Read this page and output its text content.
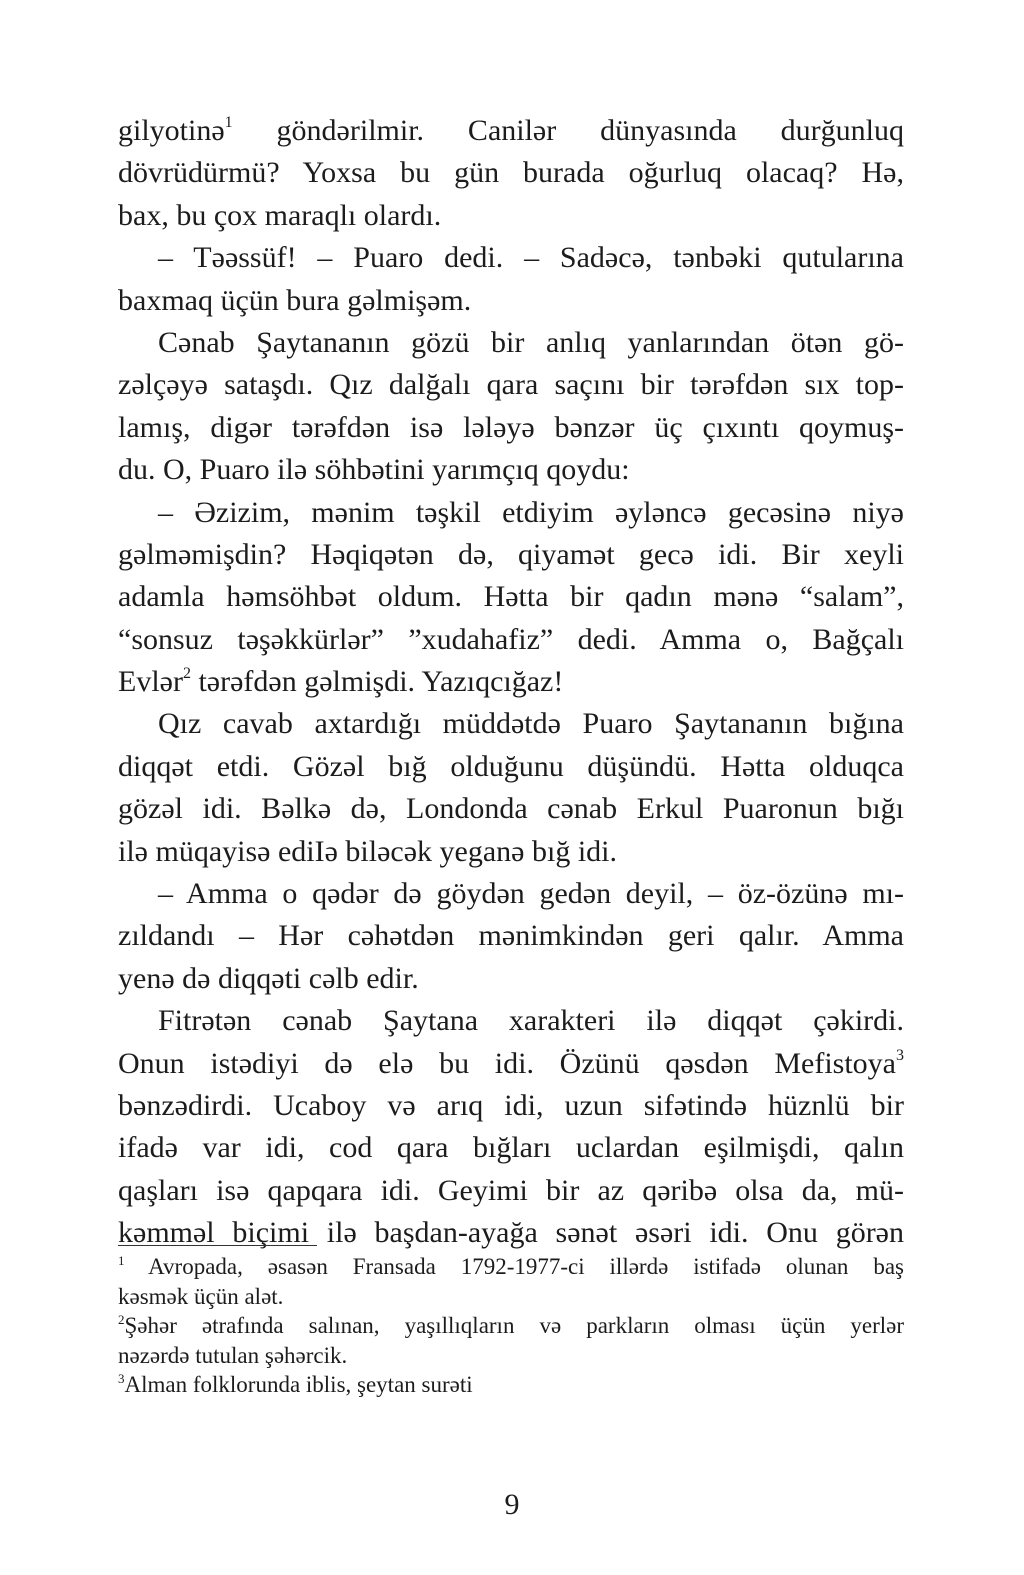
gilyotinə$^1$ göndərilmir. Canilər dünyasında durğunluq
dövrüdürmü? Yoxsa bu gün burada oğurluq olacaq? Hə,
bax, bu çox maraqlı olardı.
– Təəssüf! – Puaro dedi. – Sadəcə, tənbəki qutularına
baxmaq üçün bura gəlmişəm.
Cənab Şaytananın gözü bir anlıq yanlarından ötən gö-
zəlçəyə sataşdı. Qız dalğalı qara saçını bir tərəfdən sıx top-
lamış, digər tərəfdən isə lələyə bənzər üç çıxıntı qoymuş-
du. O, Puaro ilə söhbətini yarımçıq qoydu:
– Əzizim, mənim təşkil etdiyim əyləncə gecəsinə niyə
gəlməmişdin? Həqiqətən də, qiyamət gecə idi. Bir xeyli
adamla həmsöhbət oldum. Hətta bir qadın mənə “salam”,
“sonsuz təşəkkürlər” ”xudahafiz” dedi. Amma o, Bağçalı
Evlər$^2$ tərəfdən gəlmişdi. Yazıqcığaz!
Qız cavab axtardığı müddətdə Puaro Şaytananın bığına
diqqət etdi. Gözəl bığ olduğunu düşündü. Hətta olduqca
gözəl idi. Bəlkə də, Londonda cənab Erkul Puaronun bığı
ilə müqayisə ediIə biləcək yeganə bığ idi.
– Amma o qədər də göydən gedən deyil, – öz-özünə mı-
zıldandı – Hər cəhətdən mənimkindən geri qalır. Amma
yenə də diqqəti cəlb edir.
Fitrətən cənab Şaytana xarakteri ilə diqqət çəkirdi.
Onun istədiyi də elə bu idi. Özünü qəsdən Mefistoya$^3$
bənzədirdi. Ucaboy və arıq idi, uzun sifətində hüznlü bir
ifadə var idi, cod qara bığları uclardan eşilmişdi, qalın
qaşları isə qapqara idi. Geyimi bir az qəribə olsa da, mü-
kəmməl biçimi ilə başdan-ayağa sənət əsəri idi. Onu görən
$^1$ Avropada, əsasən Fransada 1792-1977-ci illərdə istifadə olunan baş
kəsmək üçün alət.
$^2$Şəhər ətrafında salınan, yaşıllıqların və parkların olması üçün yerlər
nəzərdə tutulan şəhərcik.
$^3$Alman folklorunda iblis, şeytan surəti
9
